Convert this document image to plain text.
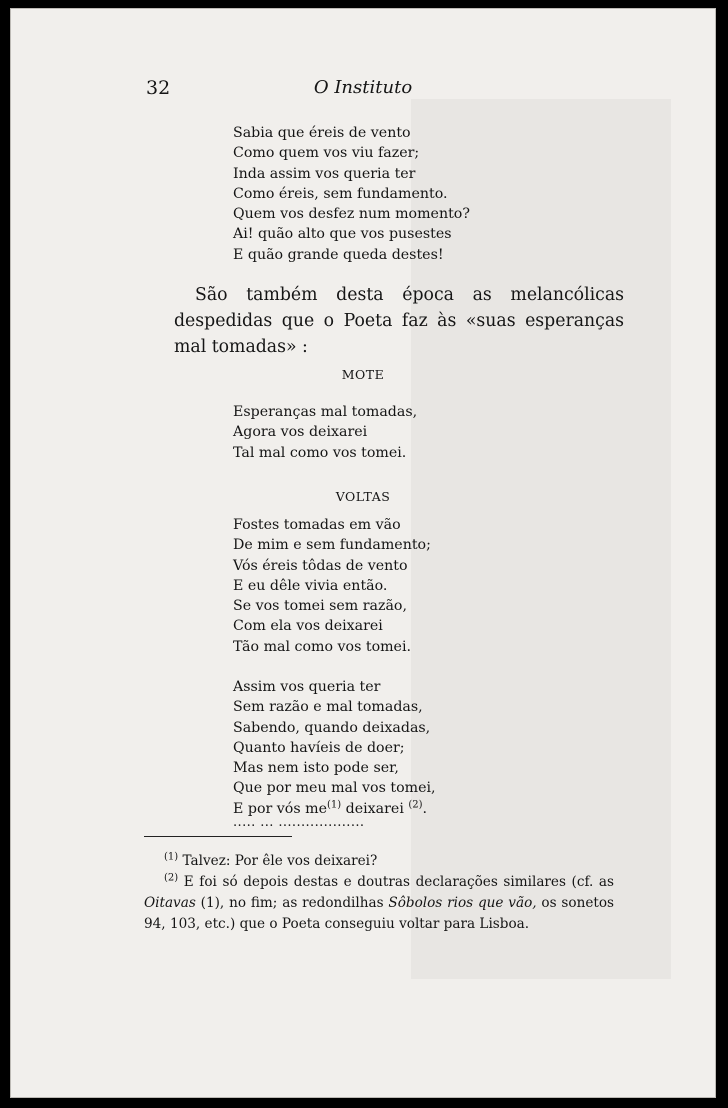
32	O Instituto
Sabia que éreis de vento
Como quem vos viu fazer;
Inda assim vos queria ter
Como éreis, sem fundamento.
Quem vos desfez num momento?
Ai! quão alto que vos pusestes
E quão grande queda destes!

São também desta época as melancólicas despedidas que o Poeta faz às «suas esperanças mal tomadas» :

MOTE
Esperanças mal tomadas,
Agora vos deixarei
Tal mal como vos tomei.
VOLTAS
Fostes tomadas em vão
De mim e sem fundamento;
Vós éreis tôdas de vento
E eu dêle vivia então.
Se vos tomei sem razão,
Com ela vos deixarei
Tão mal como vos tomei.
Assim vos queria ter
Sem razão e mal tomadas,
Sabendo, quando deixadas,
Quanto havíeis de doer;
Mas nem isto pode ser,
Que por meu mal vos tomei,
E por vós $me^{(1)}$ deixarei $^{(2)}$.
..... ... ...................

$^{(1)}$ Talvez: Por êle vos deixarei?

$^{(2)}$ E foi só depois destas e doutras declarações similares (cf. as Oitavas (1), no fim; as redondilhas Sôbolos rios que vão, os sonetos 94, 103, etc.) que o Poeta conseguiu voltar para Lisboa.
